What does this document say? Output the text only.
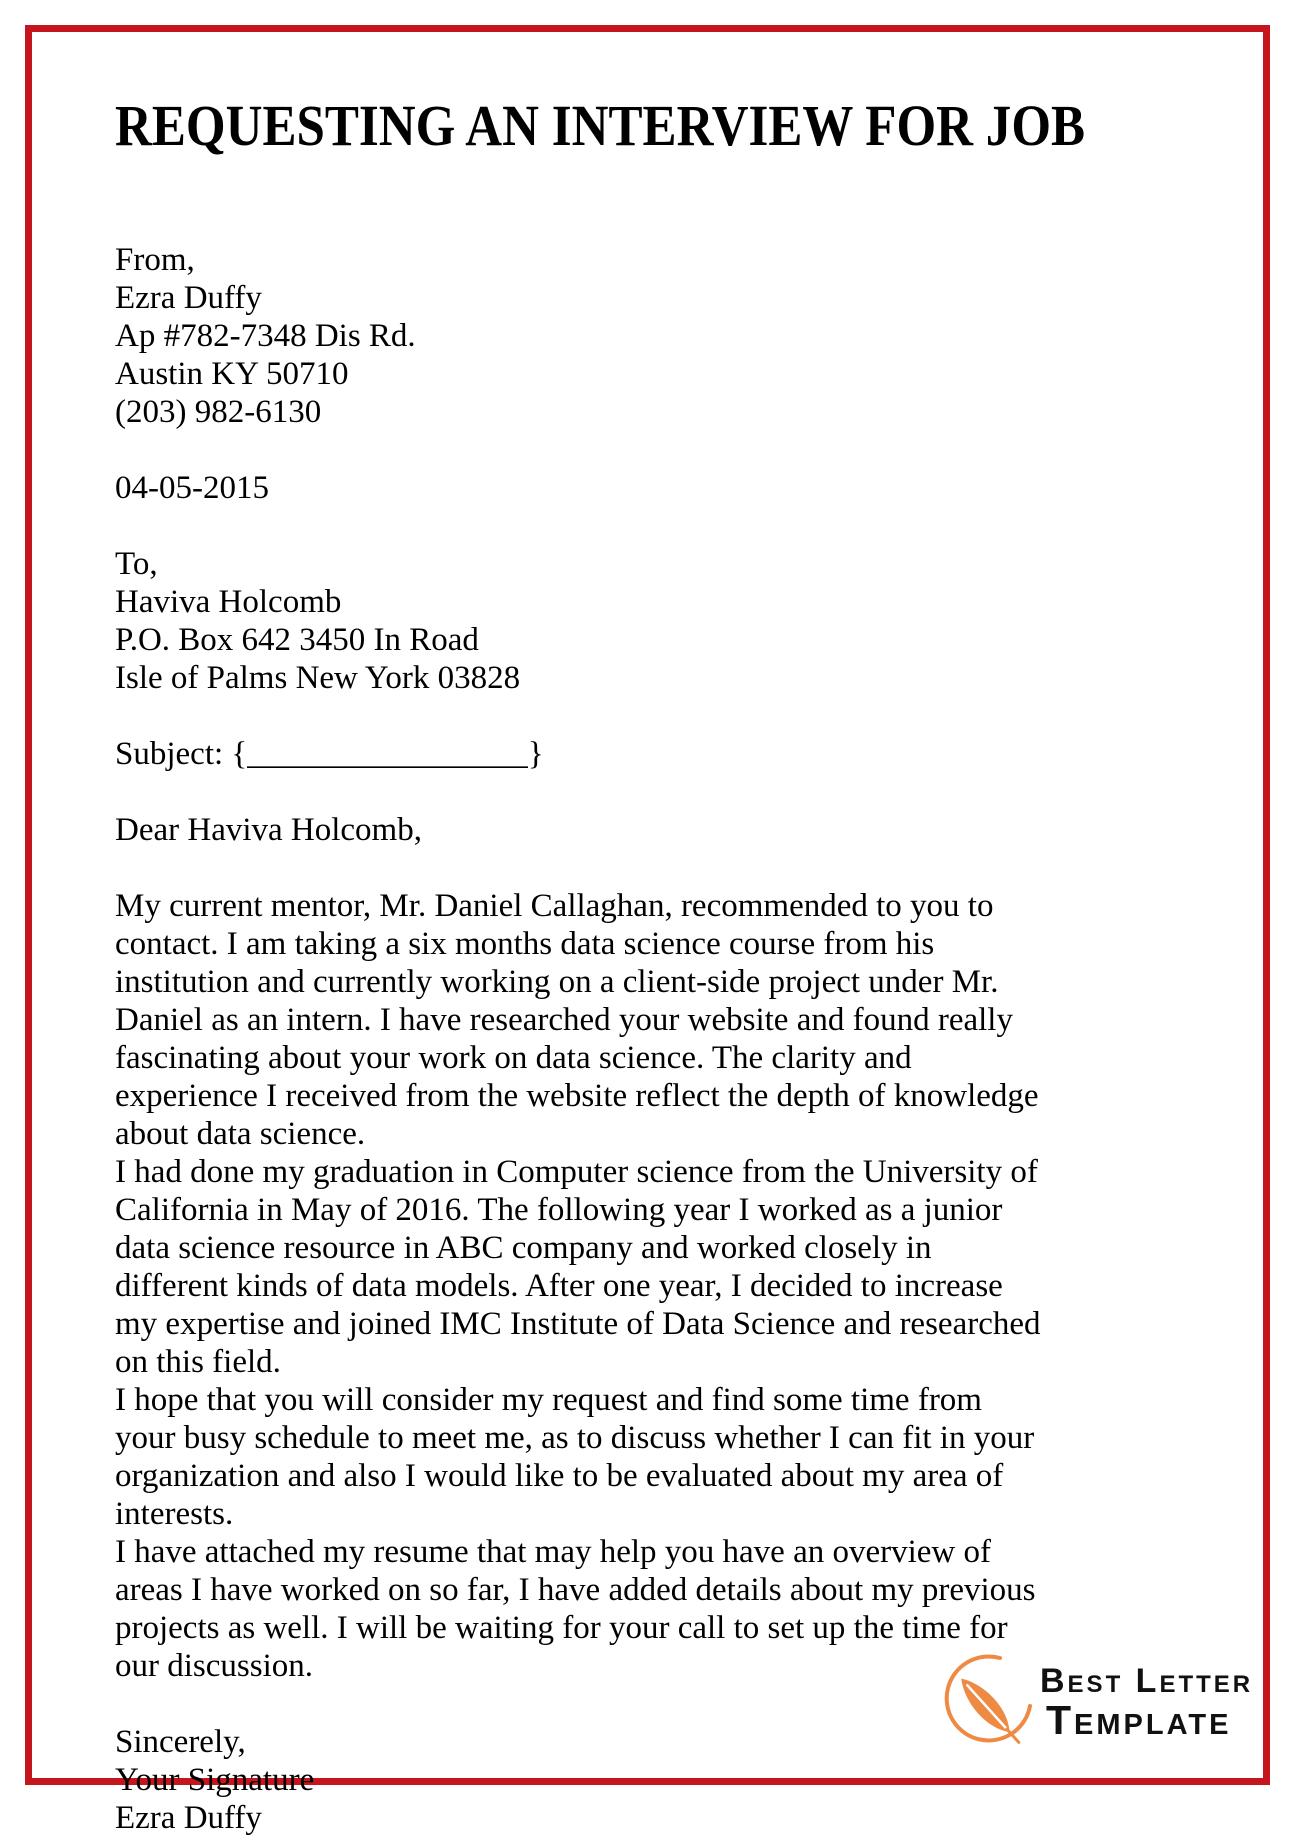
REQUESTING AN INTERVIEW FOR JOB
From,
Ezra Duffy
Ap #782-7348 Dis Rd.
Austin KY 50710
(203) 982-6130
04-05-2015
To,
Haviva Holcomb
P.O. Box 642 3450 In Road
Isle of Palms New York 03828
Subject: {_________________}
Dear Haviva Holcomb,

My current mentor, Mr. Daniel Callaghan, recommended to you to contact. I am taking a six months data science course from his institution and currently working on a client-side project under Mr. Daniel as an intern. I have researched your website and found really fascinating about your work on data science. The clarity and experience I received from the website reflect the depth of knowledge about data science.

I had done my graduation in Computer science from the University of California in May of 2016. The following year I worked as a junior data science resource in ABC company and worked closely in different kinds of data models. After one year, I decided to increase my expertise and joined IMC Institute of Data Science and researched on this field.

I hope that you will consider my request and find some time from your busy schedule to meet me, as to discuss whether I can fit in your organization and also I would like to be evaluated about my area of interests.

I have attached my resume that may help you have an overview of areas I have worked on so far, I have added details about my previous projects as well. I will be waiting for your call to set up the time for our discussion.

Sincerely,
Your Signature
Ezra Duffy
Best Letter
Template
